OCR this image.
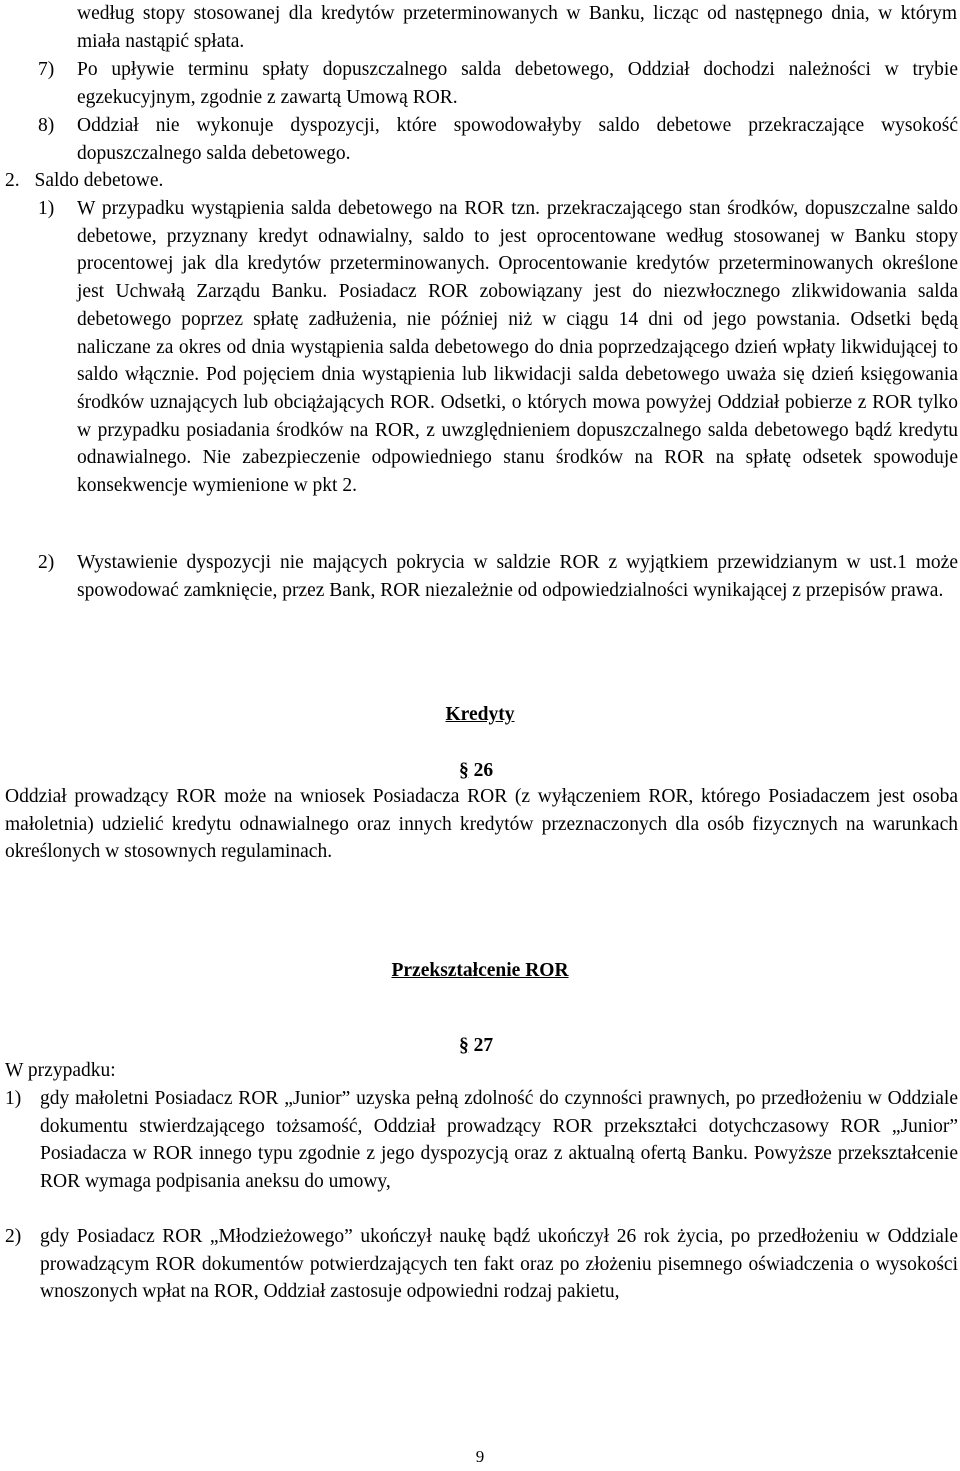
według stopy stosowanej dla kredytów przeterminowanych w Banku, licząc od następnego dnia, w którym miała nastąpić spłata.
7) Po upływie terminu spłaty dopuszczalnego salda debetowego, Oddział dochodzi należności w trybie egzekucyjnym, zgodnie z zawartą Umową ROR.
8) Oddział nie wykonuje dyspozycji, które spowodowałyby saldo debetowe przekraczające wysokość dopuszczalnego salda debetowego.
2. Saldo debetowe.
1) W przypadku wystąpienia salda debetowego na ROR tzn. przekraczającego stan środków, dopuszczalne saldo debetowe, przyznany kredyt odnawialny, saldo to jest oprocentowane według stosowanej w Banku stopy procentowej jak dla kredytów przeterminowanych. Oprocentowanie kredytów przeterminowanych określone jest Uchwałą Zarządu Banku. Posiadacz ROR zobowiązany jest do niezwłocznego zlikwidowania salda debetowego poprzez spłatę zadłużenia, nie później niż w ciągu 14 dni od jego powstania. Odsetki będą naliczane za okres od dnia wystąpienia salda debetowego do dnia poprzedzającego dzień wpłaty likwidującej to saldo włącznie. Pod pojęciem dnia wystąpienia lub likwidacji salda debetowego uważa się dzień księgowania środków uznających lub obciążających ROR. Odsetki, o których mowa powyżej Oddział pobierze z ROR tylko w przypadku posiadania środków na ROR, z uwzględnieniem dopuszczalnego salda debetowego bądź kredytu odnawialnego. Nie zabezpieczenie odpowiedniego stanu środków na ROR na spłatę odsetek spowoduje konsekwencje wymienione w pkt 2.
2) Wystawienie dyspozycji nie mających pokrycia w saldzie ROR z wyjątkiem przewidzianym w ust.1 może spowodować zamknięcie, przez Bank, ROR niezależnie od odpowiedzialności wynikającej z przepisów prawa.
Kredyty
§ 26
Oddział prowadzący ROR może na wniosek Posiadacza ROR (z wyłączeniem ROR, którego Posiadaczem jest osoba małoletnia) udzielić kredytu odnawialnego oraz innych kredytów przeznaczonych dla osób fizycznych na warunkach określonych w stosownych regulaminach.
Przekształcenie ROR
§ 27
W przypadku:
1) gdy małoletni Posiadacz ROR „Junior” uzyska pełną zdolność do czynności prawnych, po przedłożeniu w Oddziale dokumentu stwierdzającego tożsamość, Oddział prowadzący ROR przekształci dotychczasowy ROR „Junior” Posiadacza w ROR innego typu zgodnie z jego dyspozycją oraz z aktualną ofertą Banku. Powyższe przekształcenie ROR wymaga podpisania aneksu do umowy,
2) gdy Posiadacz ROR „Młodzieżowego” ukończył naukę bądź ukończył 26 rok życia, po przedłożeniu w Oddziale prowadzącym ROR dokumentów potwierdzających ten fakt oraz po złożeniu pisemnego oświadczenia o wysokości wnoszonych wpłat na ROR, Oddział zastosuje odpowiedni rodzaj pakietu,
9
